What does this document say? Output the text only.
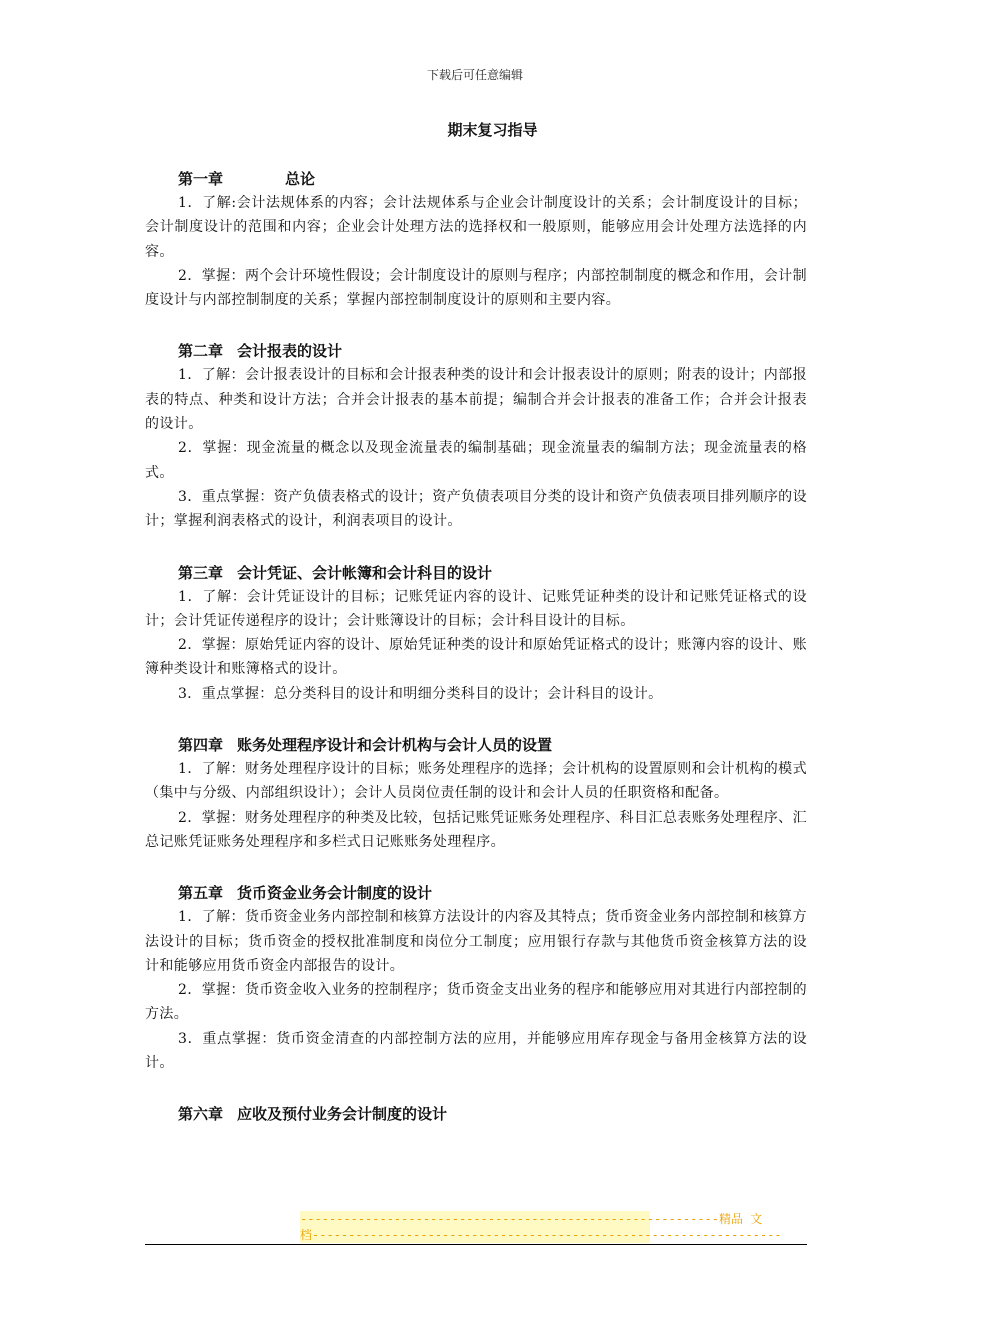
下载后可任意编辑
期末复习指导
第一章	总论
1．了解:会计法规体系的内容；会计法规体系与企业会计制度设计的关系；会计制度设计的目标；会计制度设计的范围和内容；企业会计处理方法的选择权和一般原则，能够应用会计处理方法选择的内容。
2．掌握：两个会计环境性假设；会计制度设计的原则与程序；内部控制制度的概念和作用，会计制度设计与内部控制制度的关系；掌握内部控制制度设计的原则和主要内容。
第二章 会计报表的设计
1．了解：会计报表设计的目标和会计报表种类的设计和会计报表设计的原则；附表的设计；内部报表的特点、种类和设计方法；合并会计报表的基本前提；编制合并会计报表的准备工作；合并会计报表的设计。
2．掌握：现金流量的概念以及现金流量表的编制基础；现金流量表的编制方法；现金流量表的格式。
3．重点掌握：资产负债表格式的设计；资产负债表项目分类的设计和资产负债表项目排列顺序的设计；掌握利润表格式的设计，利润表项目的设计。
第三章 会计凭证、会计帐簿和会计科目的设计
1．了解：会计凭证设计的目标；记账凭证内容的设计、记账凭证种类的设计和记账凭证格式的设计；会计凭证传递程序的设计；会计账簿设计的目标；会计科目设计的目标。
2．掌握：原始凭证内容的设计、原始凭证种类的设计和原始凭证格式的设计；账簿内容的设计、账簿种类设计和账簿格式的设计。
3．重点掌握：总分类科目的设计和明细分类科目的设计；会计科目的设计。
第四章 账务处理程序设计和会计机构与会计人员的设置
1．了解：财务处理程序设计的目标；账务处理程序的选择；会计机构的设置原则和会计机构的模式（集中与分级、内部组织设计）；会计人员岗位责任制的设计和会计人员的任职资格和配备。
2．掌握：财务处理程序的种类及比较，包括记账凭证账务处理程序、科目汇总表账务处理程序、汇总记账凭证账务处理程序和多栏式日记账账务处理程序。
第五章 货币资金业务会计制度的设计
1．了解：货币资金业务内部控制和核算方法设计的内容及其特点；货币资金业务内部控制和核算方法设计的目标；货币资金的授权批准制度和岗位分工制度；应用银行存款与其他货币资金核算方法的设计和能够应用货币资金内部报告的设计。
2．掌握：货币资金收入业务的控制程序；货币资金支出业务的程序和能够应用对其进行内部控制的方法。
3．重点掌握：货币资金清查的内部控制方法的应用，并能够应用库存现金与备用金核算方法的设计。
第六章 应收及预付业务会计制度的设计
----------------------------------------------------------精品 文
档-----------------------------------------------------------------
